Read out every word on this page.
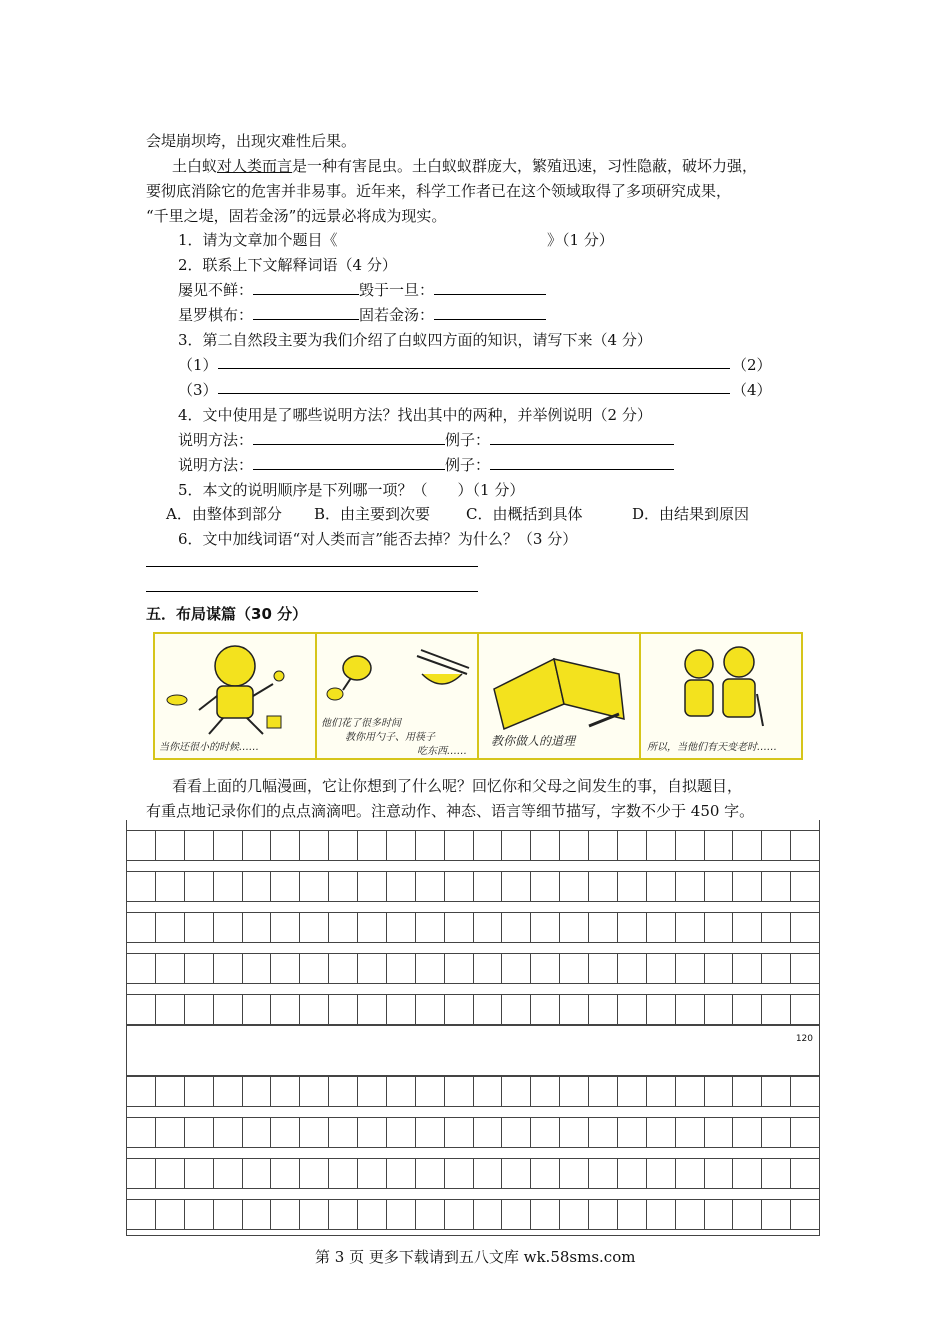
会堤崩坝垮，出现灾难性后果。
土白蚁对人类而言是一种有害昆虫。土白蚁蚁群庞大，繁殖迅速，习性隐蔽，破坏力强，
要彻底消除它的危害并非易事。近年来，科学工作者已在这个领域取得了多项研究成果，
“千里之堤，固若金汤”的远景必将成为现实。
1．请为文章加个题目《	》（1 分）
2．联系上下文解释词语（4 分）
屡见不鲜：	毁于一旦：
星罗棋布：	固若金汤：
3．第二自然段主要为我们介绍了白蚁四方面的知识，请写下来（4 分）
（1）	（2）
（3）	（4）
4．文中使用是了哪些说明方法？找出其中的两种，并举例说明（2 分）
说明方法：	例子：
说明方法：	例子：
5．本文的说明顺序是下列哪一项？（　　）（1 分）
A．由整体到部分 B．由主要到次要 C．由概括到具体	D．由结果到原因
6．文中加线词语“对人类而言”能否去掉？为什么？（3 分）
五．布局谋篇（30 分）
当你还很小的时候……
他们花了很多时间
教你用勺子、用筷子
吃东西……
教你做人的道理	所以，当他们有天变老时……
看看上面的几幅漫画，它让你想到了什么呢？回忆你和父母之间发生的事，自拟题目，
有重点地记录你们的点点滴滴吧。注意动作、神态、语言等细节描写，字数不少于 450 字。
120
第 3 页 更多下载请到五八文库 wk.58sms.com
